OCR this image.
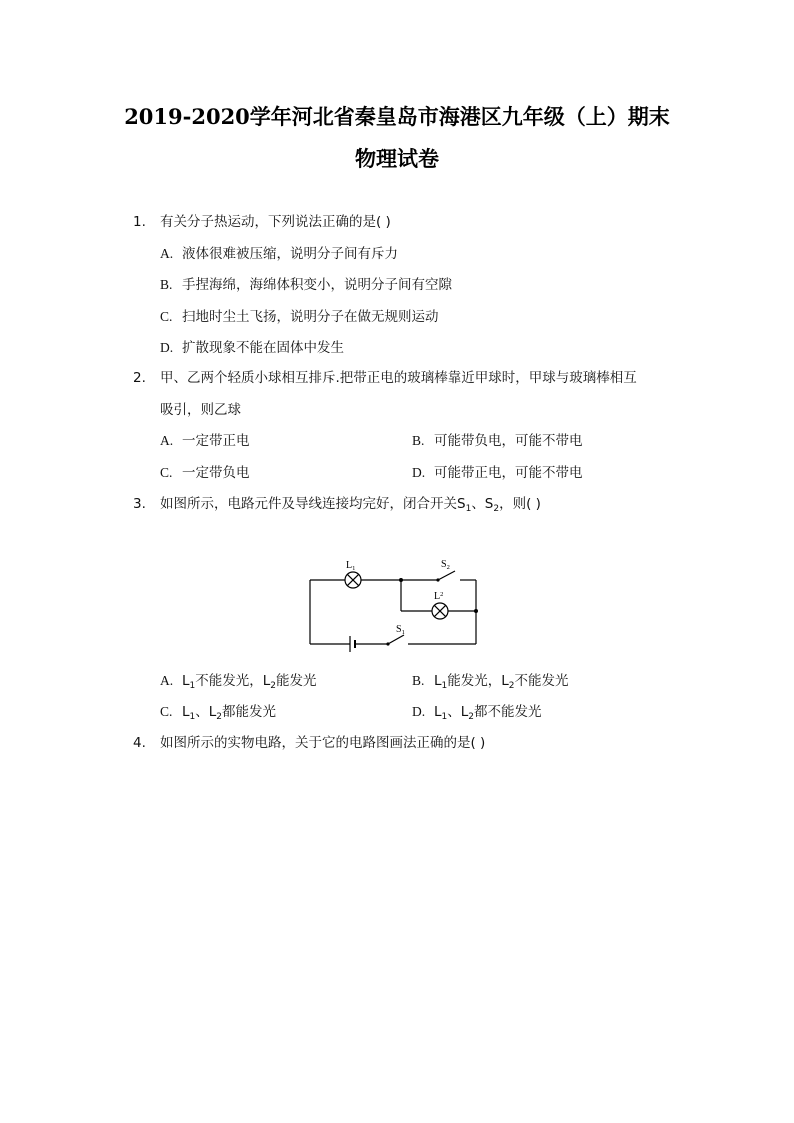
2019-2020学年河北省秦皇岛市海港区九年级（上）期末
物理试卷
1. 有关分子热运动，下列说法正确的是( )
A. 液体很难被压缩，说明分子间有斥力
B. 手捏海绵，海绵体积变小，说明分子间有空隙
C. 扫地时尘土飞扬，说明分子在做无规则运动
D. 扩散现象不能在固体中发生
2. 甲、乙两个轻质小球相互排斥.把带正电的玻璃棒靠近甲球时，甲球与玻璃棒相互
吸引，则乙球
A. 一定带正电	B. 可能带负电，可能不带电
C. 一定带负电	D. 可能带正电，可能不带电
3. 如图所示，电路元件及导线连接均完好，闭合开关$S_1$、$S_2$，则( )
$L_1$
$L^2$
$S_2$
$S_1$
A. $L_1$不能发光，$L_2$能发光	B. $L_1$能发光，$L_2$不能发光
C. $L_1$、$L_2$都能发光	D. $L_1$、$L_2$都不能发光
4. 如图所示的实物电路，关于它的电路图画法正确的是( )
